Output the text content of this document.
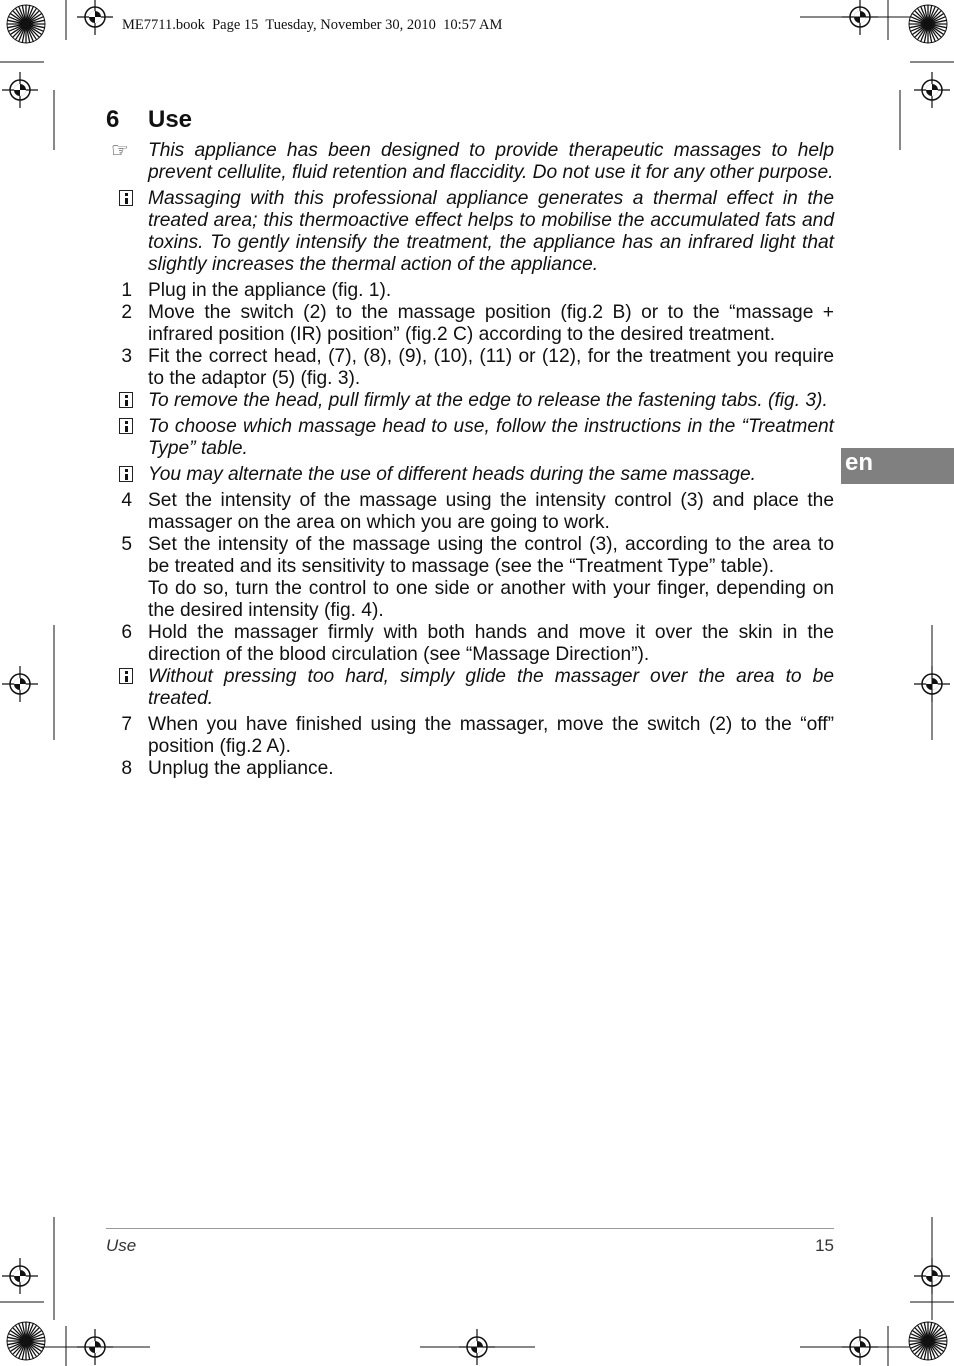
ME7711.book  Page 15  Tuesday, November 30, 2010  10:57 AM
6	Use
☞ This appliance has been designed to provide therapeutic massages to help prevent cellulite, fluid retention and flaccidity. Do not use it for any other purpose.
Massaging with this professional appliance generates a thermal effect in the treated area; this thermoactive effect helps to mobilise the accumulated fats and toxins. To gently intensify the treatment, the appliance has an infrared light that slightly increases the thermal action of the appliance.
1 Plug in the appliance (fig. 1).
2 Move the switch (2) to the massage position (fig.2 B) or to the “massage + infrared position (IR) position” (fig.2 C) according to the desired treatment.
3 Fit the correct head, (7), (8), (9), (10), (11) or (12), for the treatment you require to the adaptor (5) (fig. 3).
To remove the head, pull firmly at the edge to release the fastening tabs. (fig. 3).
To choose which massage head to use, follow the instructions in the “Treatment Type” table.
You may alternate the use of different heads during the same massage.
4 Set the intensity of the massage using the intensity control (3) and place the massager on the area on which you are going to work.
5 Set the intensity of the massage using the control (3), according to the area to be treated and its sensitivity to massage (see the “Treatment Type” table).
To do so, turn the control to one side or another with your finger, depending on the desired intensity (fig. 4).
6 Hold the massager firmly with both hands and move it over the skin in the direction of the blood circulation (see “Massage Direction”).
Without pressing too hard, simply glide the massager over the area to be treated.
7 When you have finished using the massager, move the switch (2) to the “off” position (fig.2 A).
8 Unplug the appliance.
en
Use	15
